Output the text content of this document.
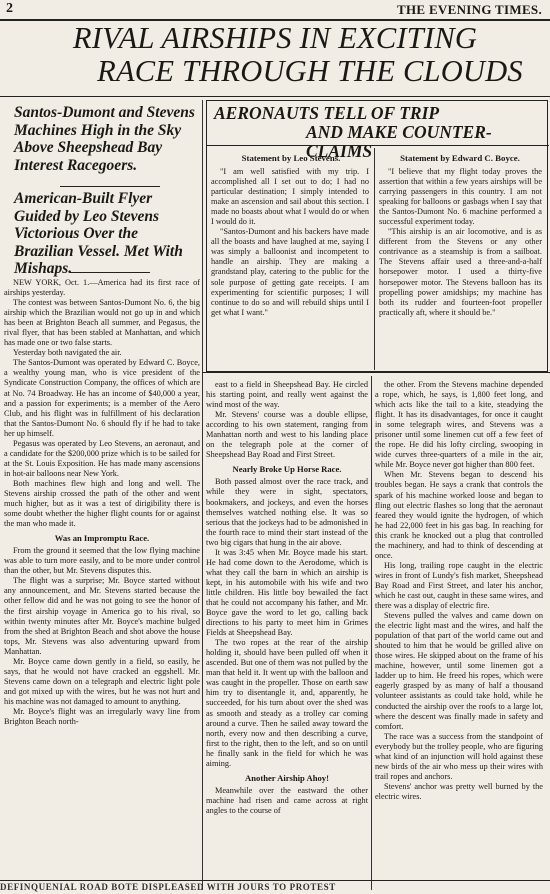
2	THE EVENING TIMES.
RIVAL AIRSHIPS IN EXCITING
RACE THROUGH THE CLOUDS
Santos-Dumont and Stevens Machines High in the Sky Above Sheepshead Bay Interest Racegoers.
American-Built Flyer Guided by Leo Stevens Victorious Over the Brazilian Vessel. Met With Mishaps.

NEW YORK, Oct. 1.—America had its first race of airships yesterday.

The contest was between Santos-Dumont No. 6, the big airship which the Brazilian would not go up in and which has been at Brighton Beach all summer, and Pegasus, the rival flyer, that has been stabled at Manhattan, and which has made one or two false starts.

Yesterday both navigated the air.

The Santos-Dumont was operated by Edward C. Boyce, a wealthy young man, who is vice president of the Syndicate Construction Company, the offices of which are at No. 74 Broadway. He has an income of $40,000 a year, and a passion for experiments; is a member of the Aero Club, and his flight was in fulfillment of his declaration that the Santos-Dumont No. 6 should fly if he had to take her up himself.

Pegasus was operated by Leo Stevens, an aeronaut, and a candidate for the $200,000 prize which is to be sailed for at the St. Louis Exposition. He has made many ascensions in hot-air balloons near New York.

Both machines flew high and long and well. The Stevens airship crossed the path of the other and went much higher, but as it was a test of dirigibility there is some doubt whether the higher flight counts for or against the man who made it.

Was an Impromptu Race.

From the ground it seemed that the low flying machine was able to turn more easily, and to be more under control than the other, but Mr. Stevens disputes this.

The flight was a surprise; Mr. Boyce started without any announcement, and Mr. Stevens started because the other fellow did and he was not going to see the honor of the first airship voyage in America go to his rival, so within twenty minutes after Mr. Boyce's machine bulged from the shed at Brighton Beach and shot above the house tops, Mr. Stevens was also adventuring upward from Manhattan.

Mr. Boyce came down gently in a field, so easily, he says, that he would not have cracked an eggshell. Mr. Stevens came down on a telegraph and electric light pole and got mixed up with the wires, but he was not hurt and his machine was not damaged to amount to anything.

Mr. Boyce's flight was an irregularly wavy line from Brighton Beach north-

AERONAUTS TELL OF TRIP
AND MAKE COUNTER-CLAIMS
Statement by Leo Stevens.	Statement by Edward C. Boyce.

"I am well satisfied with my trip. I accomplished all I set out to do; I had no particular destination; I simply intended to make an ascension and sail about this section. I made no boasts about what I would do or when I would do it.

"Santos-Dumont and his backers have made all the boasts and have laughed at me, saying I was simply a balloonist and incompetent to handle an airship. They are making a grandstand play, catering to the public for the sole purpose of getting gate receipts. I am experimenting for scientific purposes; I will continue to do so and will rebuild ships until I get what I want."

"I believe that my flight today proves the assertion that within a few years airships will be carrying passengers in this country. I am not speaking for balloons or gasbags when I say that the Santos-Dumont No. 6 machine performed a successful experiment today.

"This airship is an air locomotive, and is as different from the Stevens or any other contrivance as a steamship is from a sailboat. The Stevens affair used a three-and-a-half horsepower motor. I used a thirty-five horsepower motor. The Stevens balloon has its propelling power amidships; my machine has both its rudder and fourteen-foot propeller practically aft, where it should be."

east to a field in Sheepshead Bay. He circled his starting point, and really went against the wind most of the way.

Mr. Stevens' course was a double ellipse, according to his own statement, ranging from Manhattan north and west to his landing place on the telegraph pole at the corner of Sheepshead Bay Road and First Street.

Nearly Broke Up Horse Race.

Both passed almost over the race track, and while they were in sight, spectators, bookmakers, and jockeys, and even the horses themselves watched nothing else. It was so serious that the jockeys had to be admonished in the fourth race to mind their start instead of the two big cigars that hung in the air above.

It was 3:45 when Mr. Boyce made his start. He had come down to the Aerodome, which is what they call the barn in which an airship is kept, in his automobile with his wife and two little children. His little boy bewailed the fact that he could not accompany his father, and Mr. Boyce gave the word to let go, calling back directions to his party to meet him in Grimes Fields at Sheepshead Bay.

The two ropes at the rear of the airship holding it, should have been pulled off when it ascended. But one of them was not pulled by the man that held it. It went up with the balloon and was caught in the propeller. Those on earth saw him try to disentangle it, and, apparently, he succeeded, for his turn about over the shed was as smooth and steady as a trolley car coming around a curve. Then he sailed away toward the north, every now and then describing a curve, first to the right, then to the left, and so on until he finally sank in the field for which he was aiming.

Another Airship Ahoy!

Meanwhile over the eastward the other machine had risen and came across at right angles to the course of

the other. From the Stevens machine depended a rope, which, he says, is 1,800 feet long, and which acts like the tail to a kite, steadying the flight. It has its disadvantages, for once it caught in some telegraph wires, and Stevens was a prisoner until some linemen cut off a few feet of the rope. He did his lofty circling, swooping in wide curves three-quarters of a mile in the air, while Mr. Boyce never got higher than 800 feet.

When Mr. Stevens began to descend his troubles began. He says a crank that controls the spark of his machine worked loose and began to fling out electric flashes so long that the aeronaut feared they would ignite the hydrogen, of which he had 22,000 feet in his gas bag. In reaching for this crank he knocked out a plug that controlled the machinery, and had to think of descending at once.

His long, trailing rope caught in the electric wires in front of Lundy's fish market, Sheepshead Bay Road and First Street, and later his anchor, which he cast out, caught in these same wires, and there was a display of electric fire.

Stevens pulled the valves and came down on the electric light mast and the wires, and half the population of that part of the world came out and shouted to him that he would be grilled alive on those wires. He skipped about on the frame of his machine, however, until some linemen got a ladder up to him. He freed his ropes, which were eagerly grasped by as many of half a thousand volunteer assistants as could take hold, while he conducted the airship over the roofs to a large lot, where the descent was finally made in safety and comfort.

The race was a success from the standpoint of everybody but the trolley people, who are figuring what kind of an injunction will hold against these new birds of the air who mess up their wires with trail ropes and anchors.

Stevens' anchor was pretty well burned by the electric wires.

DEFINQUENIAL ROAD BOTE DISPLEASED WITH JOURS TO PROTEST
